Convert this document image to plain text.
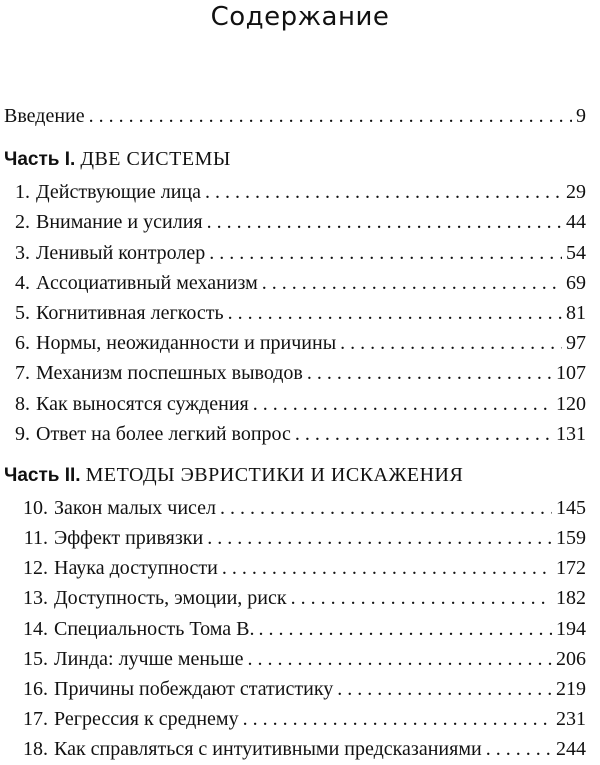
Содержание
Введение . . .	9
Часть I. ДВЕ СИСТЕМЫ
1. Действующие лица . . .	29
2. Внимание и усилия . . .	44
3. Ленивый контролер . . .	54
4. Ассоциативный механизм . . .	69
5. Когнитивная легкость . . .	81
6. Нормы, неожиданности и причины . . .	97
7. Механизм поспешных выводов . . .	107
8. Как выносятся суждения . . .	120
9. Ответ на более легкий вопрос . . .	131
Часть II. МЕТОДЫ ЭВРИСТИКИ И ИСКАЖЕНИЯ
10. Закон малых чисел . . .	145
11. Эффект привязки . . .	159
12. Наука доступности . . .	172
13. Доступность, эмоции, риск . . .	182
14. Специальность Тома В. . . .	194
15. Линда: лучше меньше . . .	206
16. Причины побеждают статистику . . .	219
17. Регрессия к среднему . . .	231
18. Как справляться с интуитивными предсказаниями . . .	244
